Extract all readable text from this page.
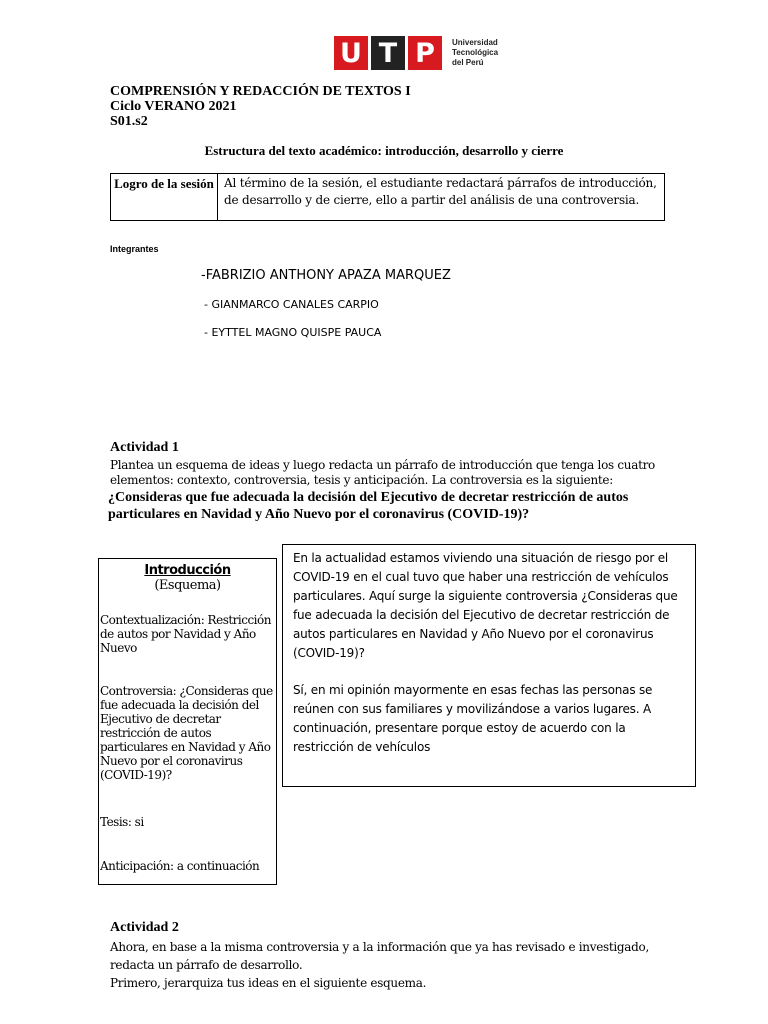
U T P	Universidad
Tecnológica
del Perú
COMPRENSIÓN Y REDACCIÓN DE TEXTOS I
Ciclo VERANO 2021
S01.s2
Estructura del texto académico: introducción, desarrollo y cierre
Logro de la sesión Al término de la sesión, el estudiante redactará párrafos de introducción, de desarrollo y de cierre, ello a partir del análisis de una controversia.
Integrantes
-FABRIZIO ANTHONY APAZA MARQUEZ
- GIANMARCO CANALES CARPIO
- EYTTEL MAGNO QUISPE PAUCA
Actividad 1
Plantea un esquema de ideas y luego redacta un párrafo de introducción que tenga los cuatro elementos: contexto, controversia, tesis y anticipación. La controversia es la siguiente:
¿Consideras que fue adecuada la decisión del Ejecutivo de decretar restricción de autos particulares en Navidad y Año Nuevo por el coronavirus (COVID-19)?
Introducción
(Esquema)
Contextualización: Restricción de autos por Navidad y Año Nuevo
Controversia: ¿Consideras que fue adecuada la decisión del Ejecutivo de decretar restricción de autos particulares en Navidad y Año Nuevo por el coronavirus (COVID-19)?
Tesis: si
Anticipación: a continuación

En la actualidad estamos viviendo una situación de riesgo por el COVID-19 en el cual tuvo que haber una restricción de vehículos particulares. Aquí surge la siguiente controversia ¿Consideras que fue adecuada la decisión del Ejecutivo de decretar restricción de autos particulares en Navidad y Año Nuevo por el coronavirus (COVID-19)?

Sí, en mi opinión mayormente en esas fechas las personas se reúnen con sus familiares y movilizándose a varios lugares. A continuación, presentare porque estoy de acuerdo con la restricción de vehículos

Actividad 2
Ahora, en base a la misma controversia y a la información que ya has revisado e investigado,
redacta un párrafo de desarrollo.
Primero, jerarquiza tus ideas en el siguiente esquema.
